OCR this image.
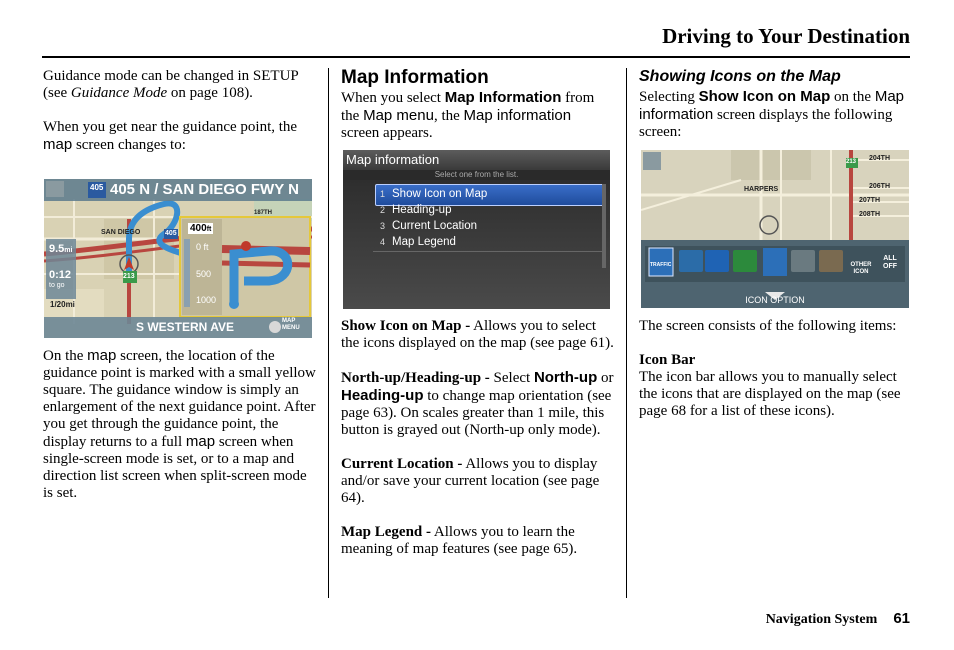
Driving to Your Destination

Guidance mode can be changed in SETUP (see Guidance Mode on page 108).

When you get near the guidance point, the map screen changes to:

405 405 N / SAN DIEGO FWY N
SAN DIEGO	405
213
187TH
9.5mi
0:12
to go
1/20mi
S WESTERN AVE	MAP MENU
400ft
0 ft
500
1000

On the map screen, the location of the guidance point is marked with a small yellow square. The guidance window is simply an enlargement of the next guidance point. After you get through the guidance point, the display returns to a full map screen when single-screen mode is set, or to a map and direction list screen when split-screen mode is set.

Map Information

When you select Map Information from the Map menu, the Map information screen appears.

Map information
Select one from the list.
1 Show Icon on Map
2 Heading-up
3 Current Location
4 Map Legend

Show Icon on Map - Allows you to select the icons displayed on the map (see page 61).

North-up/Heading-up - Select North-up or Heading-up to change map orientation (see page 63). On scales greater than 1 mile, this button is grayed out (North-up only mode).

Current Location - Allows you to display and/or save your current location (see page 64).

Map Legend - Allows you to learn the meaning of map features (see page 65).

Showing Icons on the Map

Selecting Show Icon on Map on the Map information screen displays the following screen:

TRAFFIC	OTHER ICON
ALL OFF
ICON OPTION
HARPERS
213 204TH
206TH
207TH
208TH

The screen consists of the following items:

Icon Bar

The icon bar allows you to manually select the icons that are displayed on the map (see page 68 for a list of these icons).

Navigation System 61
